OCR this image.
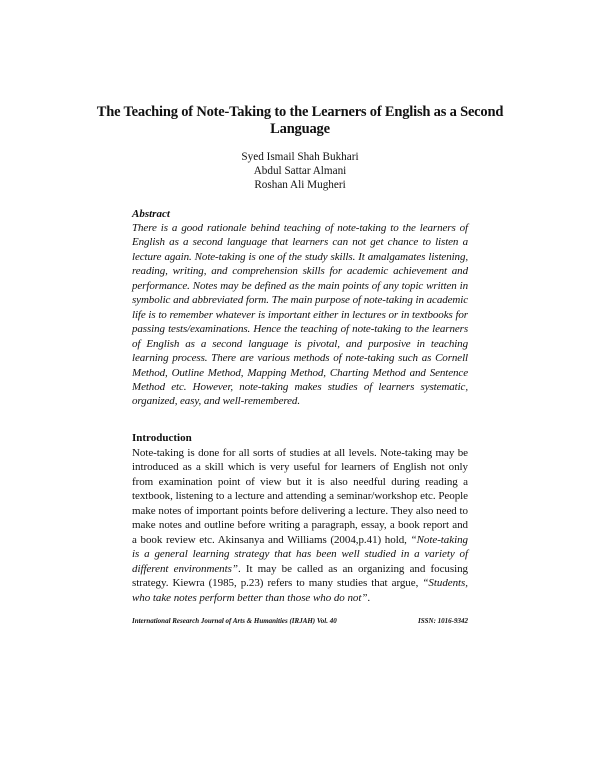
The Teaching of Note-Taking to the Learners of English as a Second Language
Syed Ismail Shah Bukhari
Abdul Sattar Almani
Roshan Ali Mugheri
Abstract
There is a good rationale behind teaching of note-taking to the learners of English as a second language that learners can not get chance to listen a lecture again. Note-taking is one of the study skills. It amalgamates listening, reading, writing, and comprehension skills for academic achievement and performance. Notes may be defined as the main points of any topic written in symbolic and abbreviated form. The main purpose of note-taking in academic life is to remember whatever is important either in lectures or in textbooks for passing tests/examinations. Hence the teaching of note-taking to the learners of English as a second language is pivotal, and purposive in teaching learning process. There are various methods of note-taking such as Cornell Method, Outline Method, Mapping Method, Charting Method and Sentence Method etc. However, note-taking makes studies of learners systematic, organized, easy, and well-remembered.
Introduction
Note-taking is done for all sorts of studies at all levels. Note-taking may be introduced as a skill which is very useful for learners of English not only from examination point of view but it is also needful during reading a textbook, listening to a lecture and attending a seminar/workshop etc. People make notes of important points before delivering a lecture. They also need to make notes and outline before writing a paragraph, essay, a book report and a book review etc. Akinsanya and Williams (2004,p.41) hold, “Note-taking is a general learning strategy that has been well studied in a variety of different environments”. It may be called as an organizing and focusing strategy. Kiewra (1985, p.23) refers to many studies that argue, “Students, who take notes perform better than those who do not”.
International Research Journal of Arts & Humanities (IRJAH) Vol. 40	ISSN: 1016-9342
